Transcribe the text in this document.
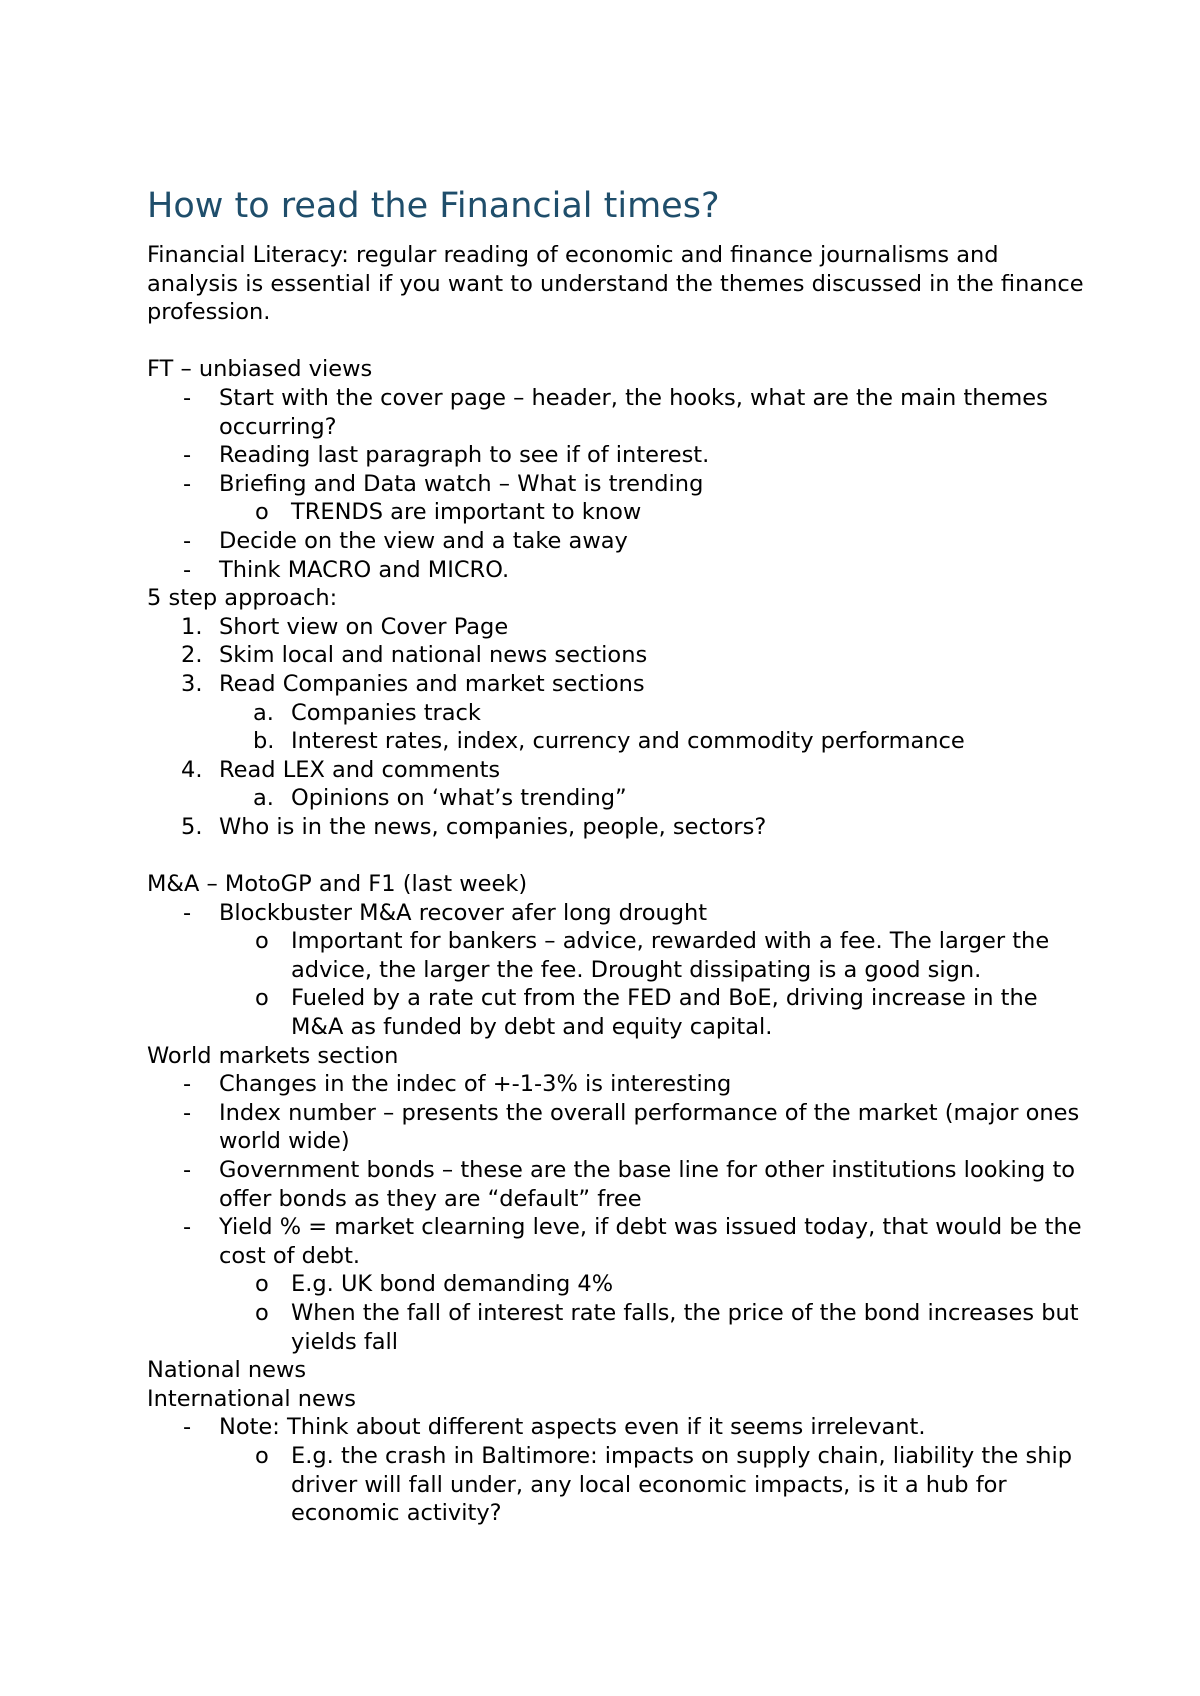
How to read the Financial times?

Financial Literacy: regular reading of economic and finance journalisms and analysis is essential if you want to understand the themes discussed in the finance profession.

FT – unbiased views

- Start with the cover page – header, the hooks, what are the main themes occurring?
- Reading last paragraph to see if of interest.
- Briefing and Data watch – What is trending
o TRENDS are important to know
- Decide on the view and a take away
- Think MACRO and MICRO.

5 step approach:

1. Short view on Cover Page
2. Skim local and national news sections
3. Read Companies and market sections
a. Companies track
b. Interest rates, index, currency and commodity performance
4. Read LEX and comments
a. Opinions on ‘what’s trending”
5. Who is in the news, companies, people, sectors?

M&A – MotoGP and F1 (last week)

- Blockbuster M&A recover afer long drought
o Important for bankers – advice, rewarded with a fee. The larger the advice, the larger the fee. Drought dissipating is a good sign.
o Fueled by a rate cut from the FED and BoE, driving increase in the M&A as funded by debt and equity capital.

World markets section

- Changes in the indec of +-1-3% is interesting
- Index number – presents the overall performance of the market (major ones world wide)
- Government bonds – these are the base line for other institutions looking to offer bonds as they are “default” free
- Yield % = market clearning leve, if debt was issued today, that would be the cost of debt.
o E.g. UK bond demanding 4%
o When the fall of interest rate falls, the price of the bond increases but yields fall

National news

International news

- Note: Think about different aspects even if it seems irrelevant.
o E.g. the crash in Baltimore: impacts on supply chain, liability the ship driver will fall under, any local economic impacts, is it a hub for economic activity?
